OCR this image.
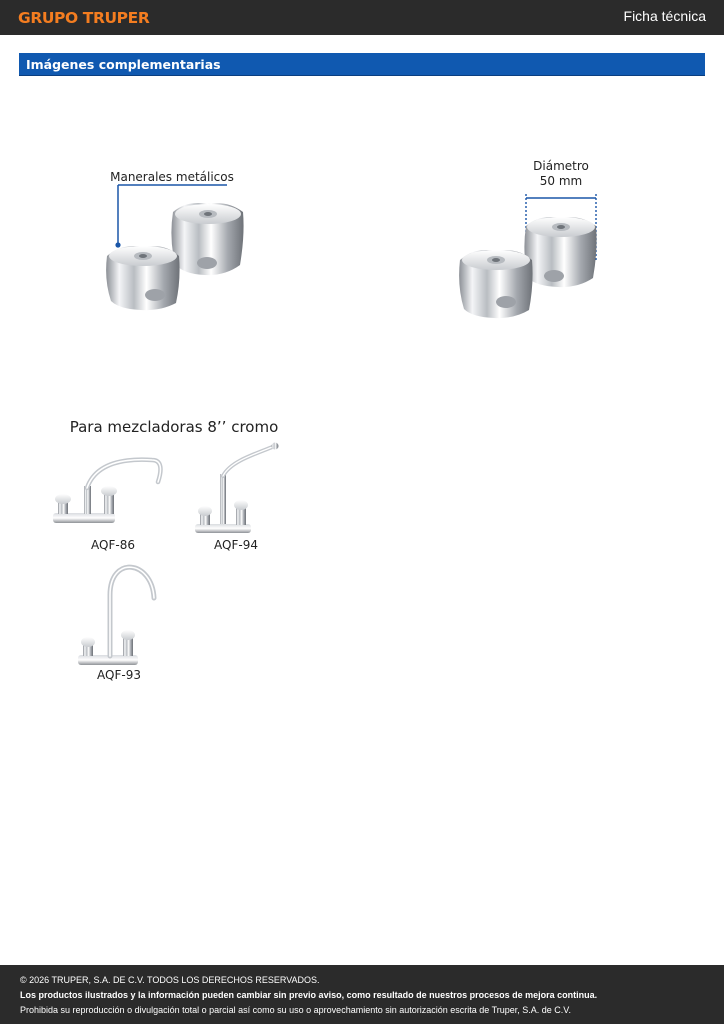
GRUPO TRUPER	Ficha técnica
Imágenes complementarias
Manerales metálicos
Diámetro
50 mm
Para mezcladoras 8’’ cromo
AQF-86	AQF-94
AQF-93
© 2026 TRUPER, S.A. DE C.V. TODOS LOS DERECHOS RESERVADOS.
Los productos ilustrados y la información pueden cambiar sin previo aviso, como resultado de nuestros procesos de mejora continua.
Prohibida su reproducción o divulgación total o parcial así como su uso o aprovechamiento sin autorización escrita de Truper, S.A. de C.V.
